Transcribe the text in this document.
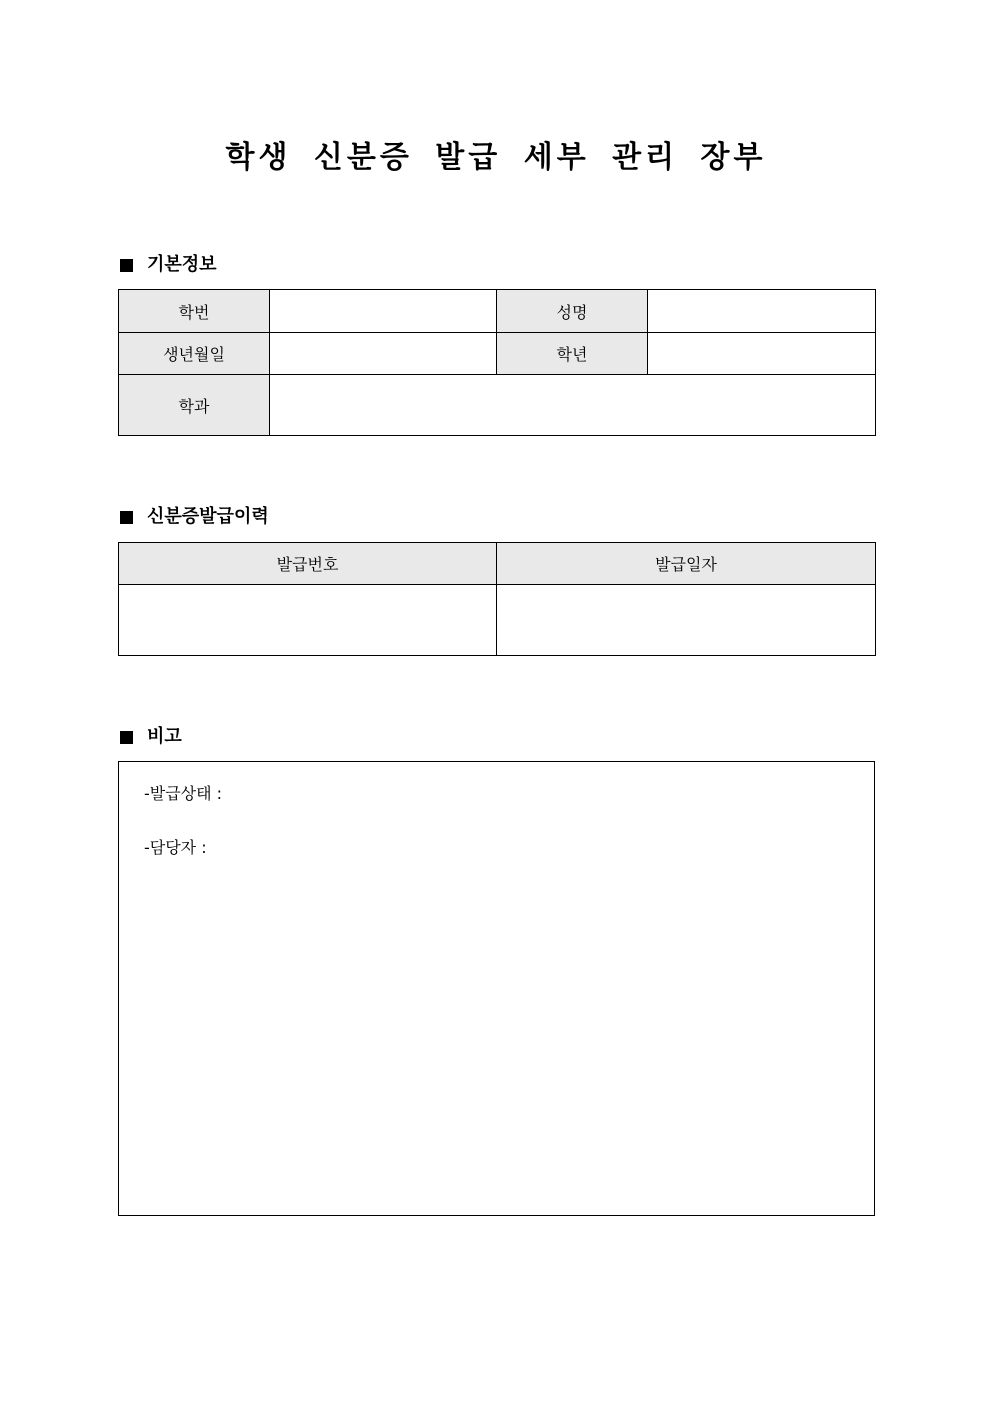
학생 신분증 발급 세부 관리 장부
기본정보
학번		성명	
생년월일		학년	
학과			
신분증발급이력
발급번호	발급일자

비고
-발급상태 :
-담당자 :
